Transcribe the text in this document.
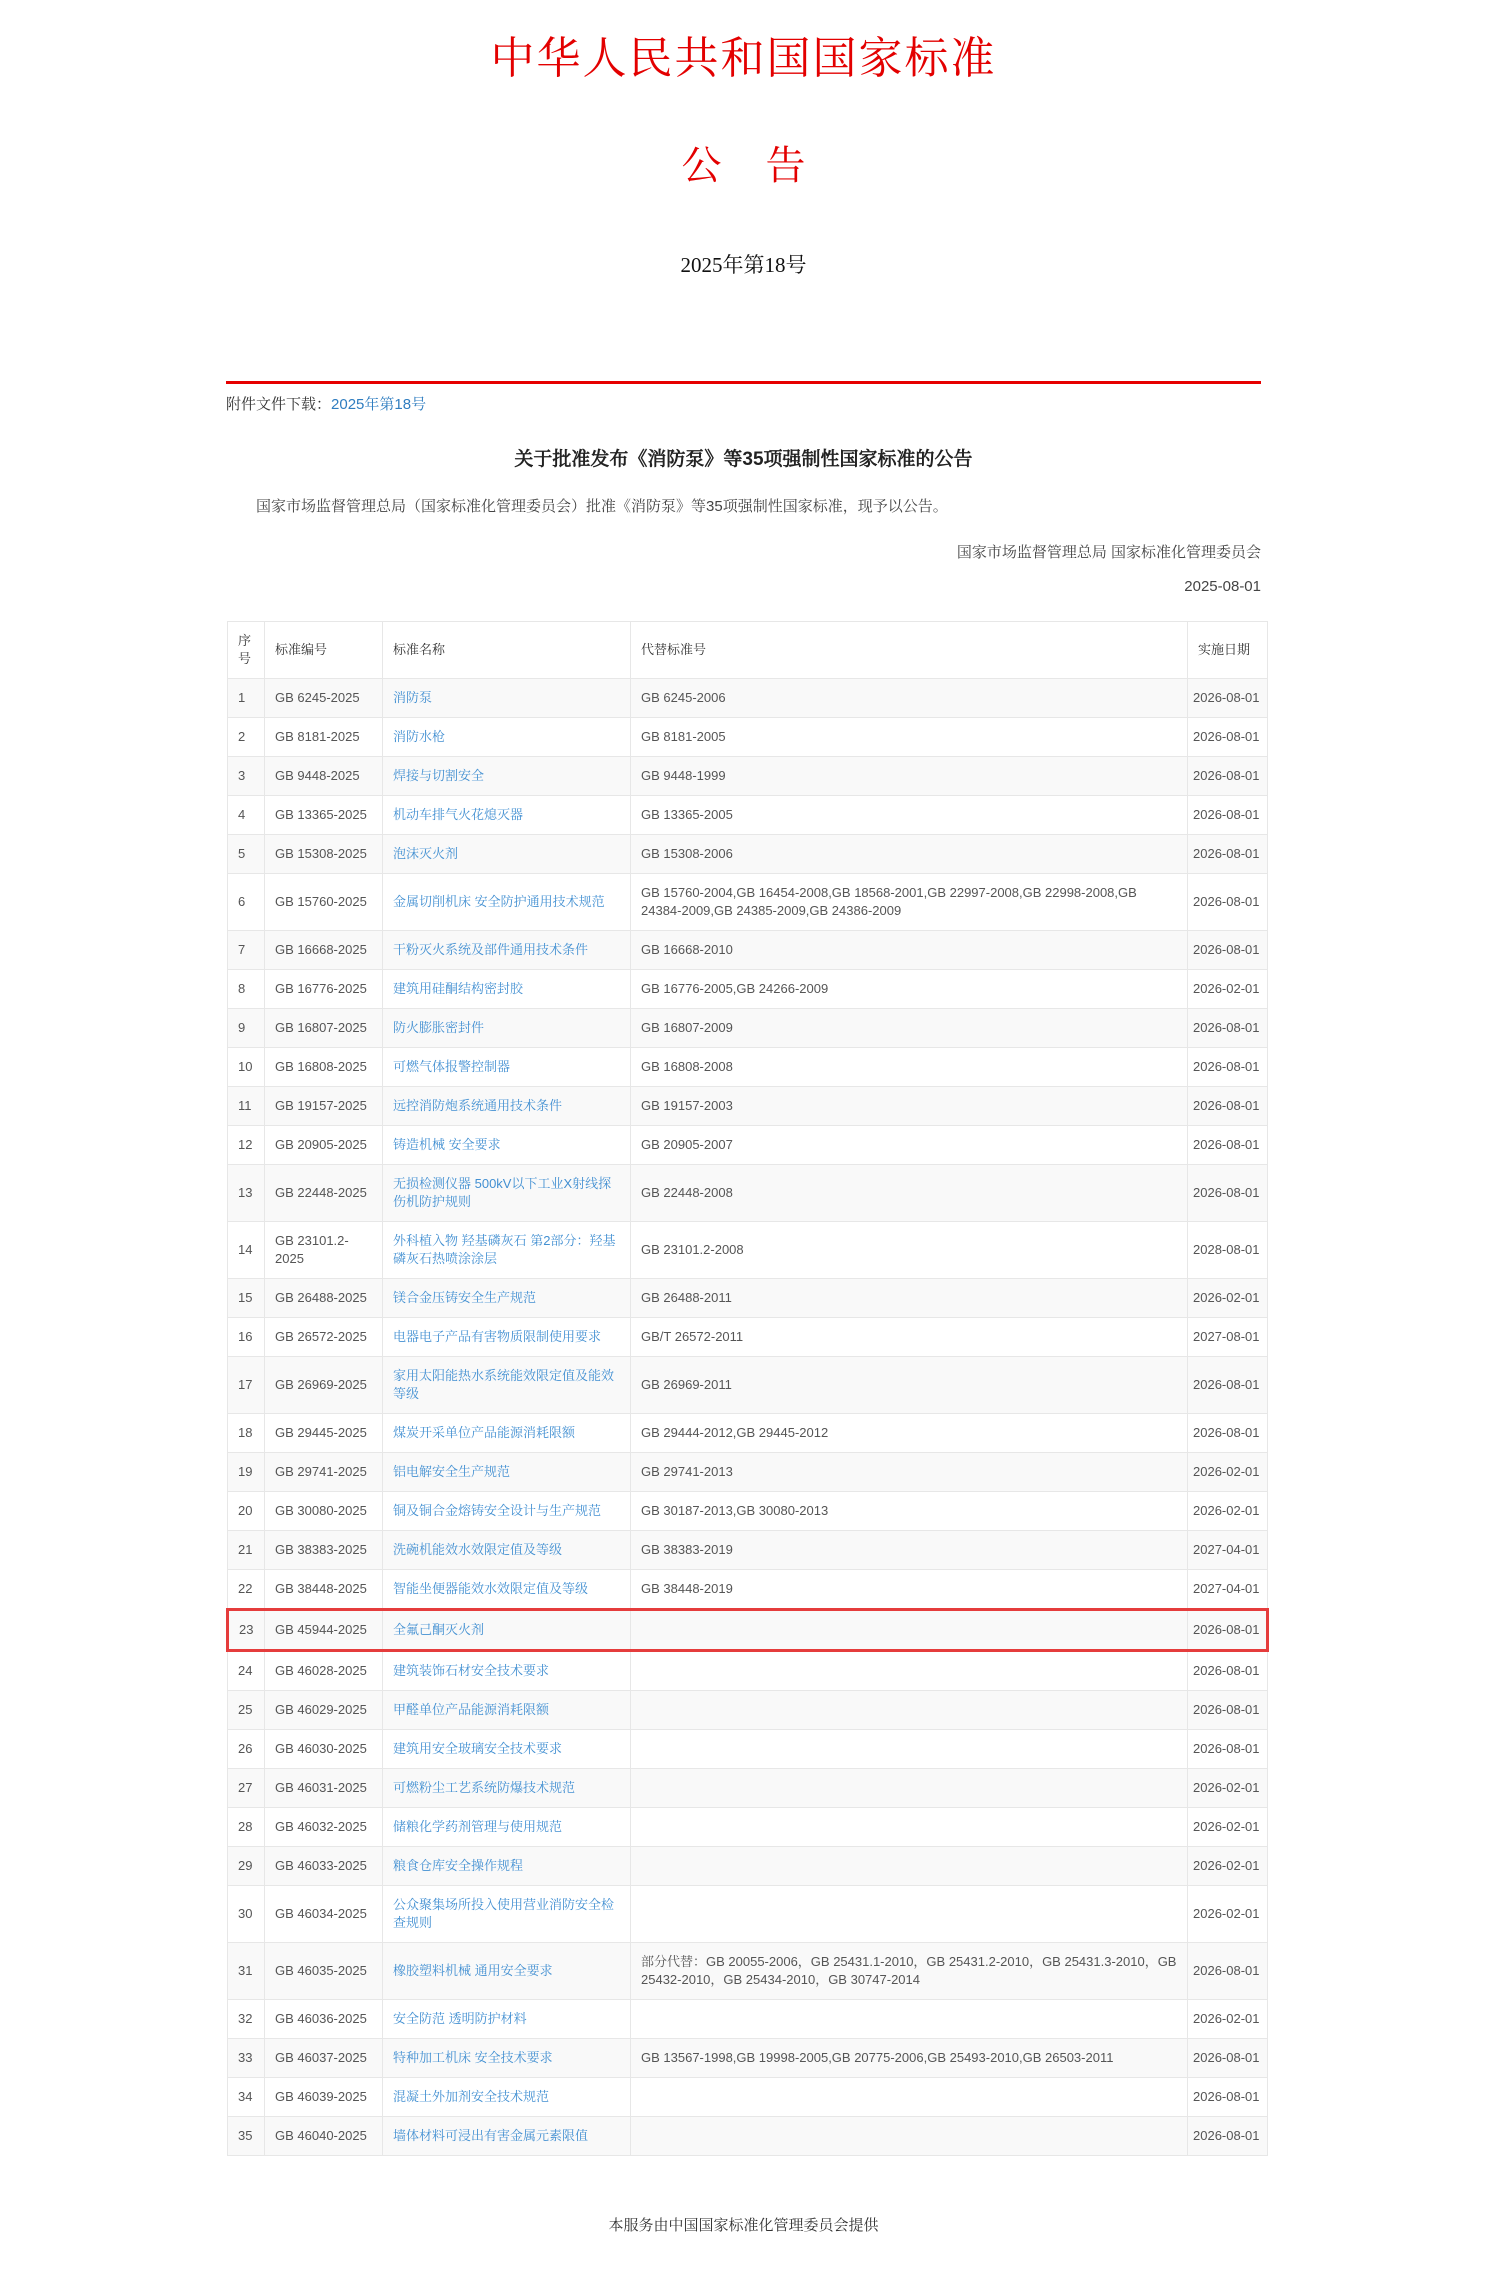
中华人民共和国国家标准
公 告
2025年第18号
附件文件下载：2025年第18号
关于批准发布《消防泵》等35项强制性国家标准的公告

国家市场监督管理总局（国家标准化管理委员会）批准《消防泵》等35项强制性国家标准，现予以公告。

国家市场监督管理总局 国家标准化管理委员会
2025-08-01
序号	标准编号	标准名称	代替标准号	实施日期
1	GB 6245-2025	消防泵	GB 6245-2006	2026-08-01
2	GB 8181-2025	消防水枪	GB 8181-2005	2026-08-01
3	GB 9448-2025	焊接与切割安全	GB 9448-1999	2026-08-01
4	GB 13365-2025	机动车排气火花熄灭器	GB 13365-2005	2026-08-01
5	GB 15308-2025	泡沫灭火剂	GB 15308-2006	2026-08-01
6	GB 15760-2025	金属切削机床 安全防护通用技术规范	GB 15760-2004,GB 16454-2008,GB 18568-2001,GB 22997-2008,GB 22998-2008,GB 24384-2009,GB 24385-2009,GB 24386-2009	2026-08-01
7	GB 16668-2025	干粉灭火系统及部件通用技术条件	GB 16668-2010	2026-08-01
8	GB 16776-2025	建筑用硅酮结构密封胶	GB 16776-2005,GB 24266-2009	2026-02-01
9	GB 16807-2025	防火膨胀密封件	GB 16807-2009	2026-08-01
10	GB 16808-2025	可燃气体报警控制器	GB 16808-2008	2026-08-01
11	GB 19157-2025	远控消防炮系统通用技术条件	GB 19157-2003	2026-08-01
12	GB 20905-2025	铸造机械 安全要求	GB 20905-2007	2026-08-01
13	GB 22448-2025	无损检测仪器 500kV以下工业X射线探伤机防护规则	GB 22448-2008	2026-08-01
14	GB 23101.2-2025	外科植入物 羟基磷灰石 第2部分：羟基磷灰石热喷涂涂层	GB 23101.2-2008	2028-08-01
15	GB 26488-2025	镁合金压铸安全生产规范	GB 26488-2011	2026-02-01
16	GB 26572-2025	电器电子产品有害物质限制使用要求	GB/T 26572-2011	2027-08-01
17	GB 26969-2025	家用太阳能热水系统能效限定值及能效等级	GB 26969-2011	2026-08-01
18	GB 29445-2025	煤炭开采单位产品能源消耗限额	GB 29444-2012,GB 29445-2012	2026-08-01
19	GB 29741-2025	铝电解安全生产规范	GB 29741-2013	2026-02-01
20	GB 30080-2025	铜及铜合金熔铸安全设计与生产规范	GB 30187-2013,GB 30080-2013	2026-02-01
21	GB 38383-2025	洗碗机能效水效限定值及等级	GB 38383-2019	2027-04-01
22	GB 38448-2025	智能坐便器能效水效限定值及等级	GB 38448-2019	2027-04-01
23	GB 45944-2025	全氟己酮灭火剂		2026-08-01
24	GB 46028-2025	建筑装饰石材安全技术要求		2026-08-01
25	GB 46029-2025	甲醛单位产品能源消耗限额		2026-08-01
26	GB 46030-2025	建筑用安全玻璃安全技术要求		2026-08-01
27	GB 46031-2025	可燃粉尘工艺系统防爆技术规范		2026-02-01
28	GB 46032-2025	储粮化学药剂管理与使用规范		2026-02-01
29	GB 46033-2025	粮食仓库安全操作规程		2026-02-01
30	GB 46034-2025	公众聚集场所投入使用营业消防安全检查规则		2026-02-01
31	GB 46035-2025	橡胶塑料机械 通用安全要求	部分代替：GB 20055-2006，GB 25431.1-2010，GB 25431.2-2010，GB 25431.3-2010，GB 25432-2010，GB 25434-2010，GB 30747-2014	2026-08-01
32	GB 46036-2025	安全防范 透明防护材料		2026-02-01
33	GB 46037-2025	特种加工机床 安全技术要求	GB 13567-1998,GB 19998-2005,GB 20775-2006,GB 25493-2010,GB 26503-2011	2026-08-01
34	GB 46039-2025	混凝土外加剂安全技术规范		2026-08-01
35	GB 46040-2025	墙体材料可浸出有害金属元素限值		2026-08-01
本服务由中国国家标准化管理委员会提供
